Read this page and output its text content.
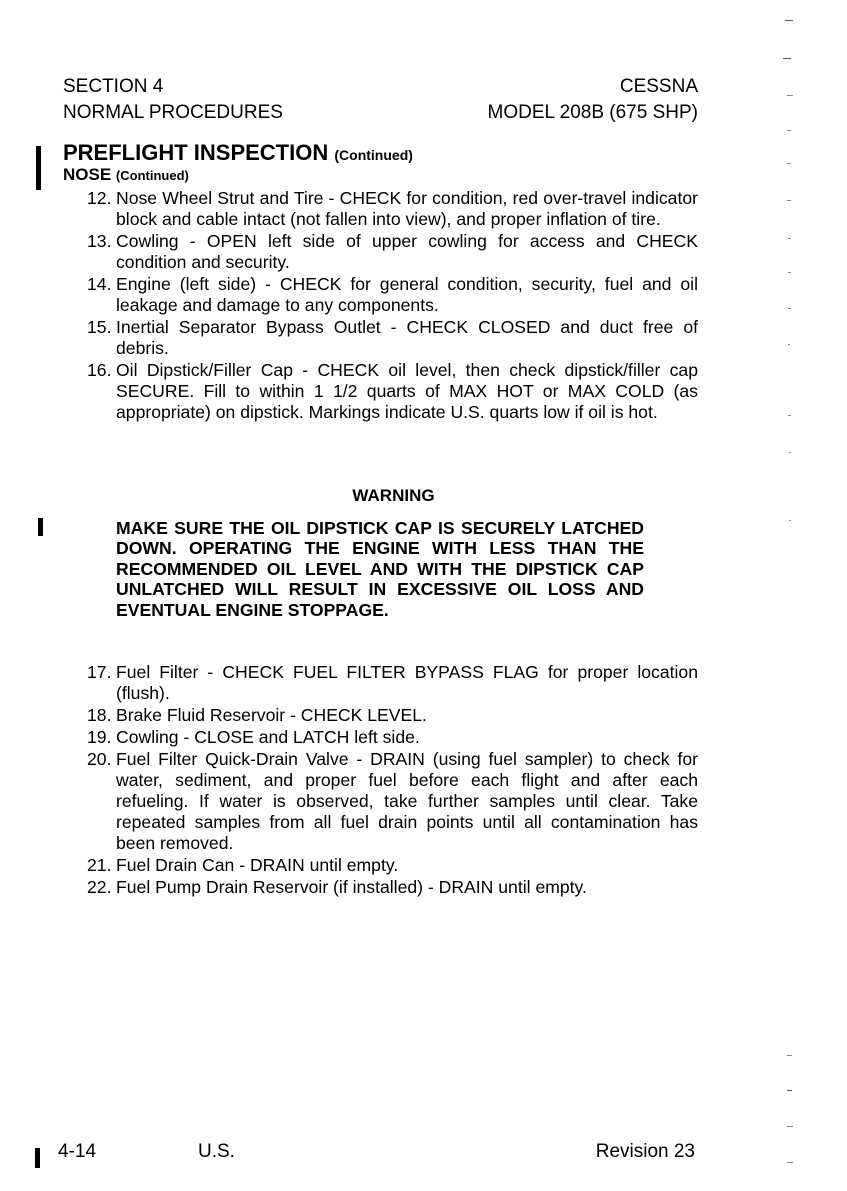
SECTION 4
NORMAL PROCEDURES
CESSNA
MODEL 208B (675 SHP)
PREFLIGHT INSPECTION (Continued)
NOSE (Continued)
12. Nose Wheel Strut and Tire - CHECK for condition, red over-travel indicator block and cable intact (not fallen into view), and proper inflation of tire.
13. Cowling - OPEN left side of upper cowling for access and CHECK condition and security.
14. Engine (left side) - CHECK for general condition, security, fuel and oil leakage and damage to any components.
15. Inertial Separator Bypass Outlet - CHECK CLOSED and duct free of debris.
16. Oil Dipstick/Filler Cap - CHECK oil level, then check dipstick/filler cap SECURE. Fill to within 1 1/2 quarts of MAX HOT or MAX COLD (as appropriate) on dipstick. Markings indicate U.S. quarts low if oil is hot.
WARNING

MAKE SURE THE OIL DIPSTICK CAP IS SECURELY LATCHED DOWN. OPERATING THE ENGINE WITH LESS THAN THE RECOMMENDED OIL LEVEL AND WITH THE DIPSTICK CAP UNLATCHED WILL RESULT IN EXCESSIVE OIL LOSS AND EVENTUAL ENGINE STOPPAGE.

17. Fuel Filter - CHECK FUEL FILTER BYPASS FLAG for proper location (flush).
18. Brake Fluid Reservoir - CHECK LEVEL.
19. Cowling - CLOSE and LATCH left side.
20. Fuel Filter Quick-Drain Valve - DRAIN (using fuel sampler) to check for water, sediment, and proper fuel before each flight and after each refueling. If water is observed, take further samples until clear. Take repeated samples from all fuel drain points until all contamination has been removed.
21. Fuel Drain Can - DRAIN until empty.
22. Fuel Pump Drain Reservoir (if installed) - DRAIN until empty.
4-14	U.S.	Revision 23
